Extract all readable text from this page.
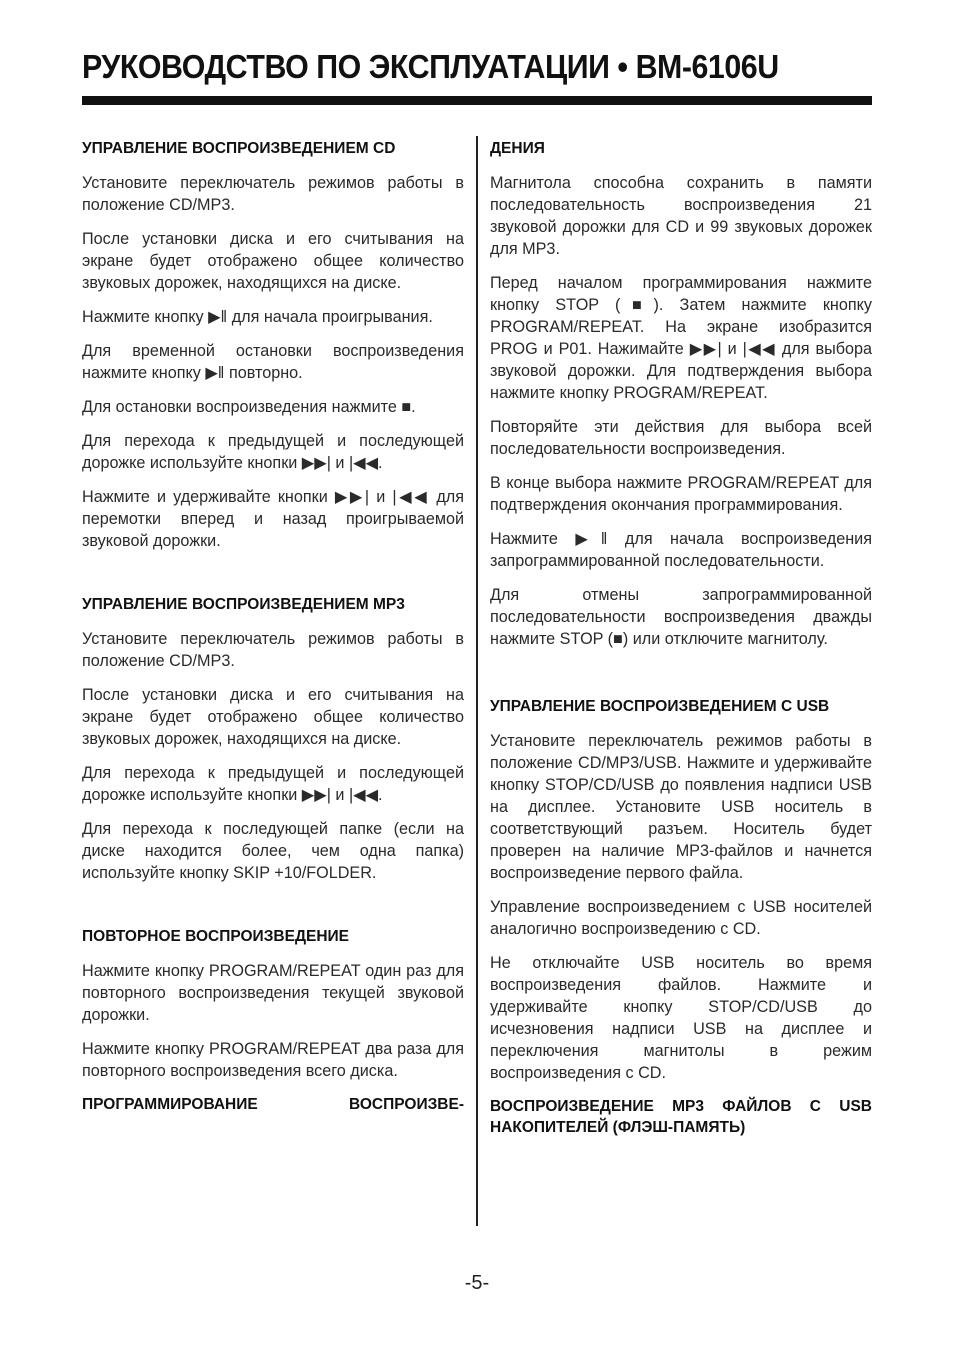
РУКОВОДСТВО ПО ЭКСПЛУАТАЦИИ • BM-6106U
УПРАВЛЕНИЕ ВОСПРОИЗВЕДЕНИЕМ CD

Установите переключатель режимов работы в положение CD/MP3.

После установки диска и его считывания на экране будет отображено общее количество звуковых дорожек, находящихся на диске.

Нажмите кнопку ▶‖ для начала проигрывания.

Для временной остановки воспроизведения нажмите кнопку ▶‖ повторно.

Для остановки воспроизведения нажмите ■.

Для перехода к предыдущей и последующей дорожке используйте кнопки ▶▶| и |◀◀.

Нажмите и удерживайте кнопки ▶▶| и |◀◀ для перемотки вперед и назад проигрываемой звуковой дорожки.

УПРАВЛЕНИЕ ВОСПРОИЗВЕДЕНИЕМ MP3

Установите переключатель режимов работы в положение CD/MP3.

После установки диска и его считывания на экране будет отображено общее количество звуковых дорожек, находящихся на диске.

Для перехода к предыдущей и последующей дорожке используйте кнопки ▶▶| и |◀◀.

Для перехода к последующей папке (если на диске находится более, чем одна папка) используйте кнопку SKIP +10/FOLDER.

ПОВТОРНОЕ ВОСПРОИЗВЕДЕНИЕ

Нажмите кнопку PROGRAM/REPEAT один раз для повторного воспроизведения текущей звуковой дорожки.

Нажмите кнопку PROGRAM/REPEAT два раза для повторного воспроизведения всего диска.

ПРОГРАММИРОВАНИЕ ВОСПРОИЗВЕ-
ДЕНИЯ

Магнитола способна сохранить в памяти последовательность воспроизведения 21 звуковой дорожки для CD и 99 звуковых дорожек для MP3.

Перед началом программирования нажмите кнопку STOP (■). Затем нажмите кнопку PROGRAM/REPEAT. На экране изобразится PROG и P01. Нажимайте ▶▶| и |◀◀ для выбора звуковой дорожки. Для подтверждения выбора нажмите кнопку PROGRAM/REPEAT.

Повторяйте эти действия для выбора всей последовательности воспроизведения.

В конце выбора нажмите PROGRAM/REPEAT для подтверждения окончания программирования.

Нажмите ▶‖ для начала воспроизведения запрограммированной последовательности.

Для отмены запрограммированной последовательности воспроизведения дважды нажмите STOP (■) или отключите магнитолу.

УПРАВЛЕНИЕ ВОСПРОИЗВЕДЕНИЕМ С USB

Установите переключатель режимов работы в положение CD/MP3/USB. Нажмите и удерживайте кнопку STOP/CD/USB до появления надписи USB на дисплее. Установите USB носитель в соответствующий разъем. Носитель будет проверен на наличие MP3-файлов и начнется воспроизведение первого файла.

Управление воспроизведением с USB носителей аналогично воспроизведению с CD.

Не отключайте USB носитель во время воспроизведения файлов. Нажмите и удерживайте кнопку STOP/CD/USB до исчезновения надписи USB на дисплее и переключения магнитолы в режим воспроизведения с CD.

ВОСПРОИЗВЕДЕНИЕ MP3 ФАЙЛОВ С USB НАКОПИТЕЛЕЙ (ФЛЭШ-ПАМЯТЬ)
-5-
